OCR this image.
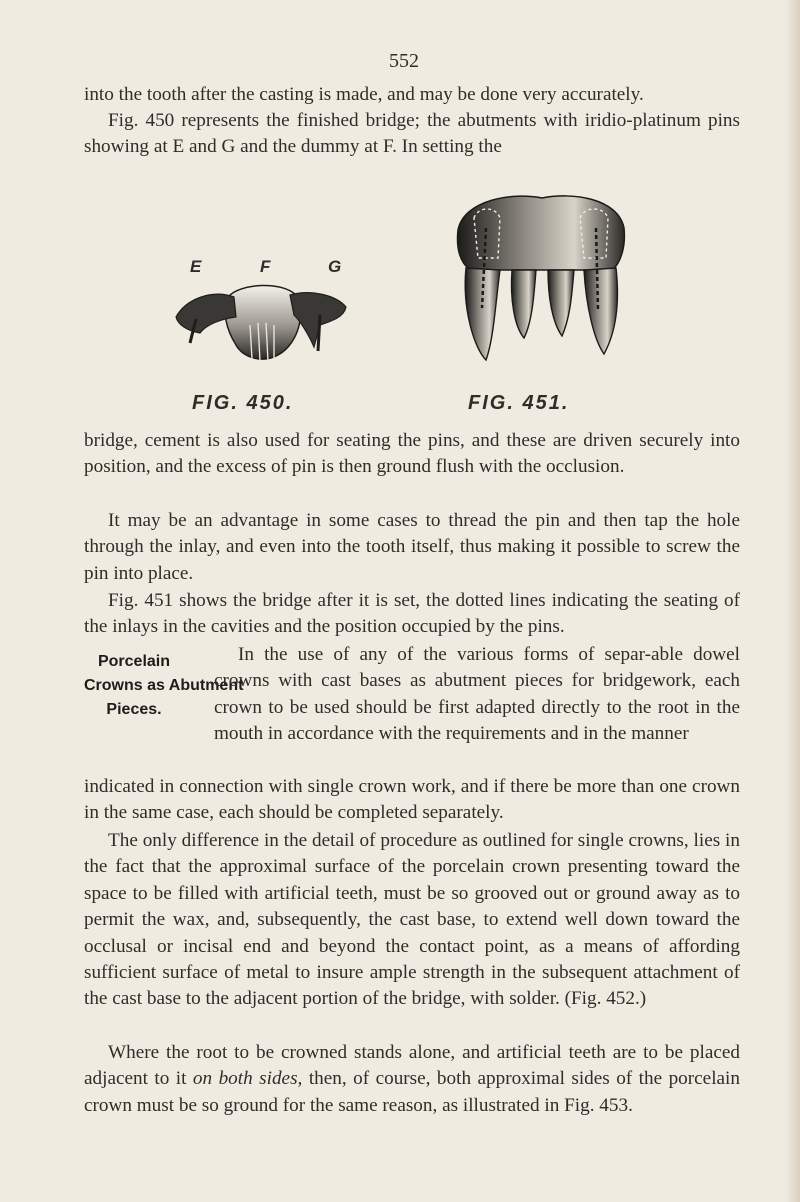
552

into the tooth after the casting is made, and may be done very accurately.

Fig. 450 represents the finished bridge; the abutments with iridio-platinum pins showing at E and G and the dummy at F. In setting the

E	F	G
FIG. 450.	FIG. 451.

bridge, cement is also used for seating the pins, and these are driven securely into position, and the excess of pin is then ground flush with the occlusion.

It may be an advantage in some cases to thread the pin and then tap the hole through the inlay, and even into the tooth itself, thus making it possible to screw the pin into place.

Fig. 451 shows the bridge after it is set, the dotted lines indicating the seating of the inlays in the cavities and the position occupied by the pins.

Porcelain
Crowns as Abutment
Pieces.

In the use of any of the various forms of separ-able dowel crowns with cast bases as abutment pieces for bridgework, each crown to be used should be first adapted directly to the root in the mouth in accordance with the requirements and in the manner

indicated in connection with single crown work, and if there be more than one crown in the same case, each should be completed separately.

The only difference in the detail of procedure as outlined for single crowns, lies in the fact that the approximal surface of the porcelain crown presenting toward the space to be filled with artificial teeth, must be so grooved out or ground away as to permit the wax, and, subsequently, the cast base, to extend well down toward the occlusal or incisal end and beyond the contact point, as a means of affording sufficient surface of metal to insure ample strength in the subsequent attachment of the cast base to the adjacent portion of the bridge, with solder. (Fig. 452.)

Where the root to be crowned stands alone, and artificial teeth are to be placed adjacent to it on both sides, then, of course, both approximal sides of the porcelain crown must be so ground for the same reason, as illustrated in Fig. 453.
